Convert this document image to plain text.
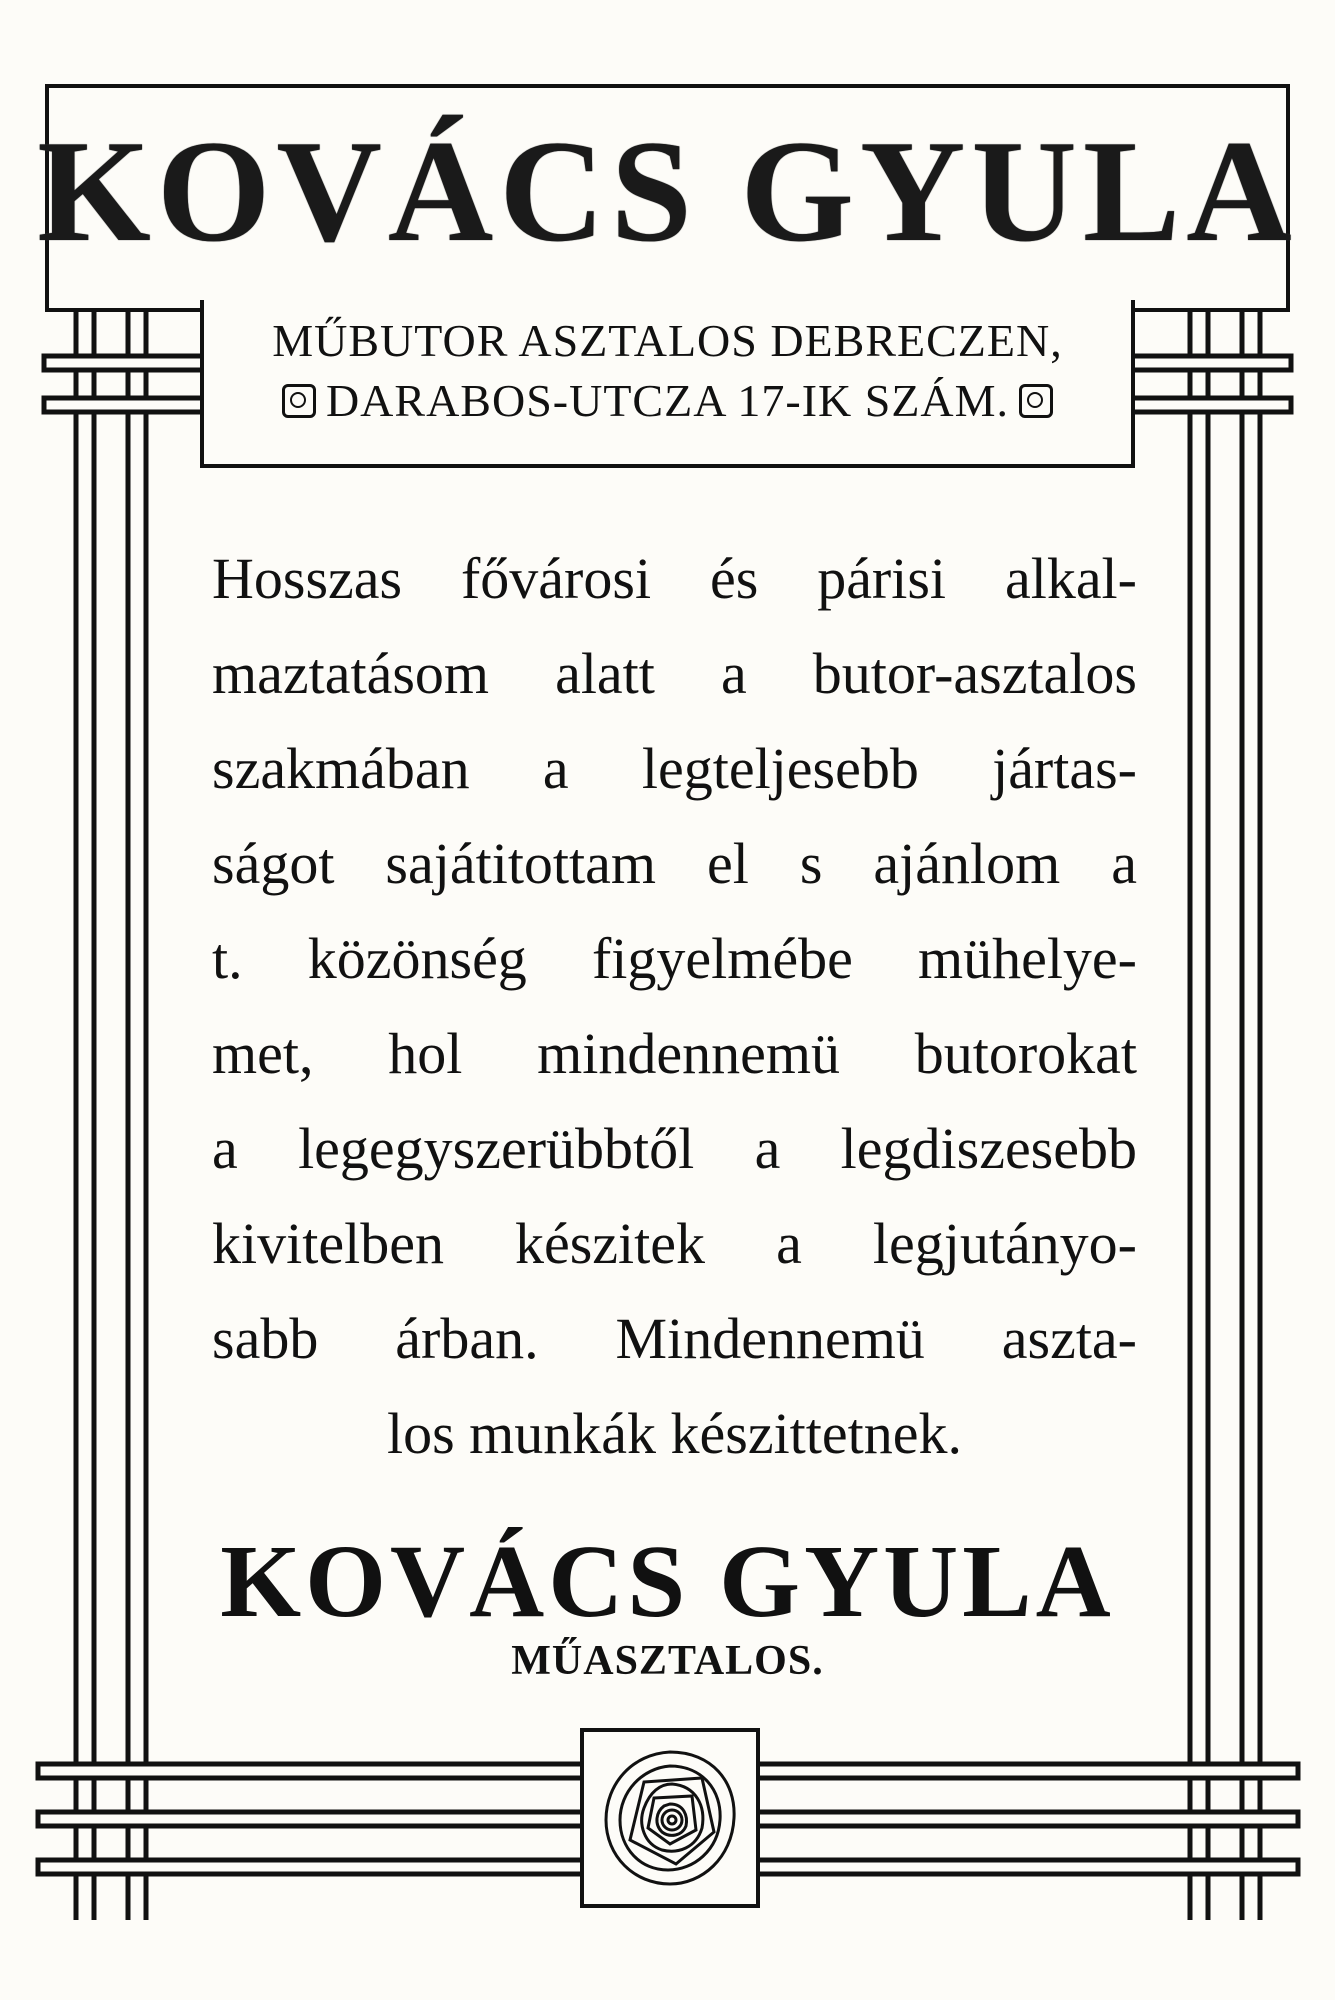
KOVÁCS GYULA
MŰBUTOR ASZTALOS DEBRECZEN,
DARABOS-UTCZA 17-IK SZÁM.
Hosszas fővárosi és párisi alkal-
maztatásom alatt a butor-asztalos
szakmában a legteljesebb jártas-
ságot sajátitottam el s ajánlom a
t. közönség figyelmébe mühelye-
met, hol mindennemü butorokat
a legegyszerübbtől a legdiszesebb
kivitelben készitek a legjutányo-
sabb árban. Mindennemü aszta-
los munkák készittetnek.
KOVÁCS GYULA
MŰASZTALOS.
